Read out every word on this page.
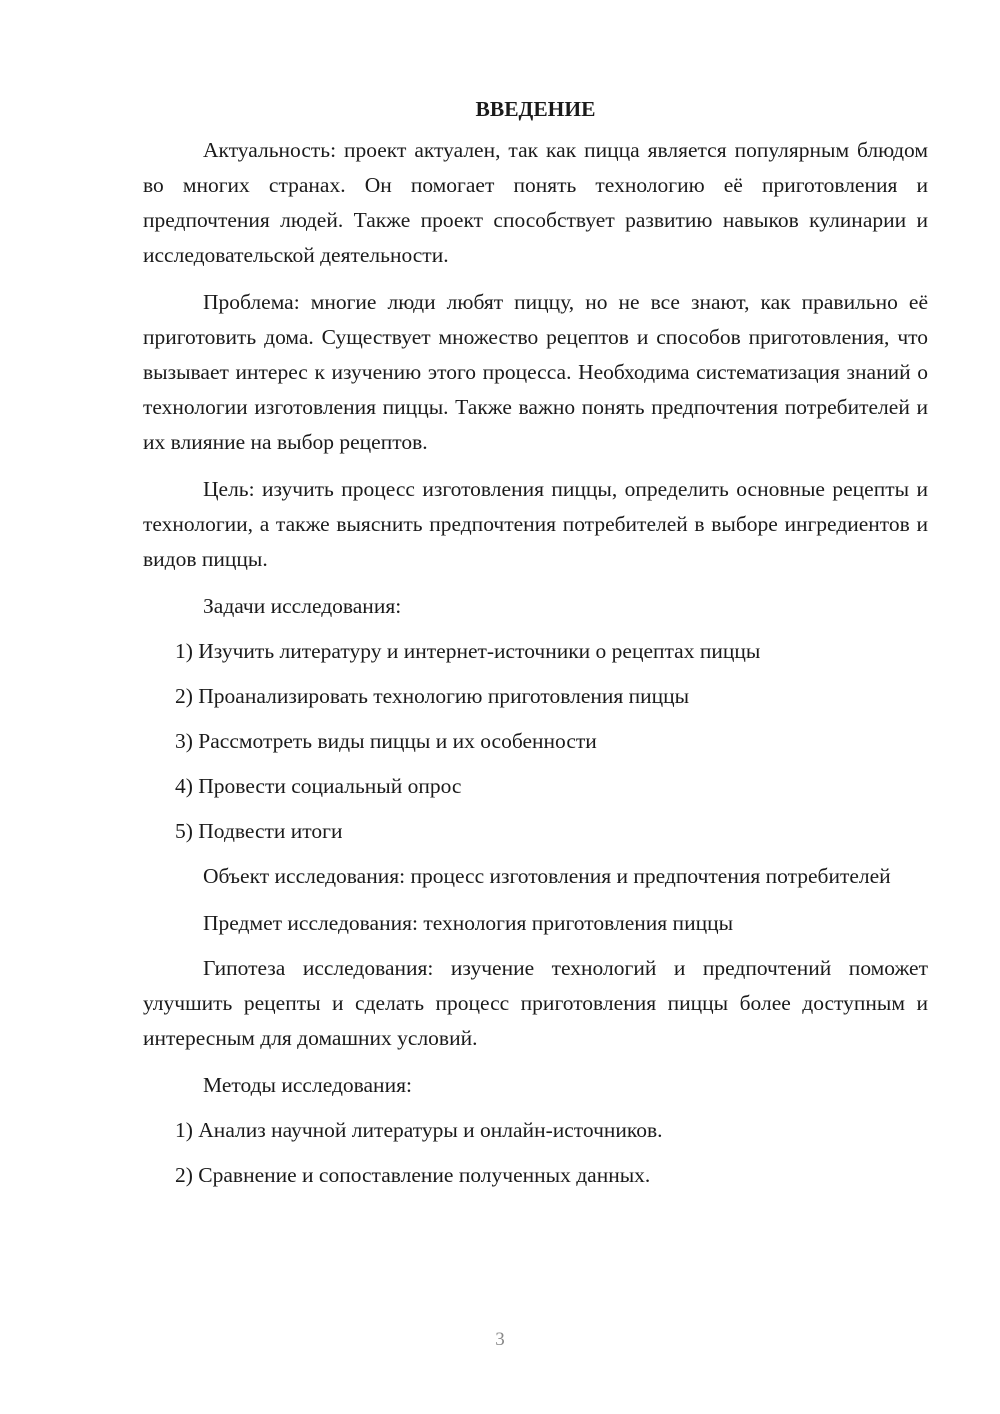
ВВЕДЕНИЕ

Актуальность: проект актуален, так как пицца является популярным блюдом во многих странах. Он помогает понять технологию её приготовления и предпочтения людей. Также проект способствует развитию навыков кулинарии и исследовательской деятельности.

Проблема: многие люди любят пиццу, но не все знают, как правильно её приготовить дома. Существует множество рецептов и способов приготовления, что вызывает интерес к изучению этого процесса. Необходима систематизация знаний о технологии изготовления пиццы. Также важно понять предпочтения потребителей и их влияние на выбор рецептов.

Цель: изучить процесс изготовления пиццы, определить основные рецепты и технологии, а также выяснить предпочтения потребителей в выборе ингредиентов и видов пиццы.

Задачи исследования:

1) Изучить литературу и интернет-источники о рецептах пиццы

2) Проанализировать технологию приготовления пиццы

3) Рассмотреть виды пиццы и их особенности

4) Провести социальный опрос

5) Подвести итоги

Объект исследования: процесс изготовления и предпочтения потребителей

Предмет исследования: технология приготовления пиццы

Гипотеза исследования: изучение технологий и предпочтений поможет улучшить рецепты и сделать процесс приготовления пиццы более доступным и интересным для домашних условий.

Методы исследования:

1) Анализ научной литературы и онлайн-источников.

2) Сравнение и сопоставление полученных данных.

3
